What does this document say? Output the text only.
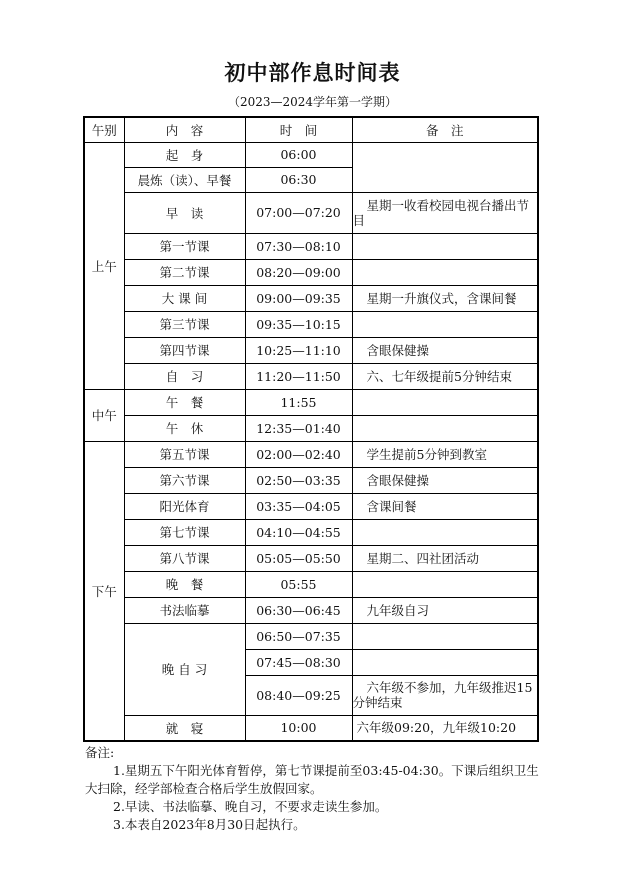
初中部作息时间表
（2023—2024学年第一学期）
午别	内　容	时　间	备　注
上午	起　身	06:00	
	晨炼（读）、早餐	06:30	
	早　读	07:00—07:20	星期一收看校园电视台播出节目
	第一节课	07:30—08:10	
	第二节课	08:20—09:00	
	大 课 间	09:00—09:35	星期一升旗仪式，含课间餐
	第三节课	09:35—10:15	
	第四节课	10:25—11:10	含眼保健操
	自　习	11:20—11:50	六、七年级提前5分钟结束
中午	午　餐	11:55	
	午　休	12:35—01:40	
下午	第五节课	02:00—02:40	学生提前5分钟到教室
	第六节课	02:50—03:35	含眼保健操
	阳光体育	03:35—04:05	含课间餐
	第七节课	04:10—04:55	
	第八节课	05:05—05:50	星期二、四社团活动
	晚　餐	05:55	
	书法临摹	06:30—06:45	九年级自习
	晚 自 习	06:50—07:35	
		07:45—08:30	
		08:40—09:25	六年级不参加，九年级推迟15分钟结束
	就　寝	10:00	六年级09:20，九年级10:20

备注:

1.星期五下午阳光体育暂停，第七节课提前至03:45-04:30。下课后组织卫生大扫除，经学部检查合格后学生放假回家。

2.早读、书法临摹、晚自习，不要求走读生参加。

3.本表自2023年8月30日起执行。
